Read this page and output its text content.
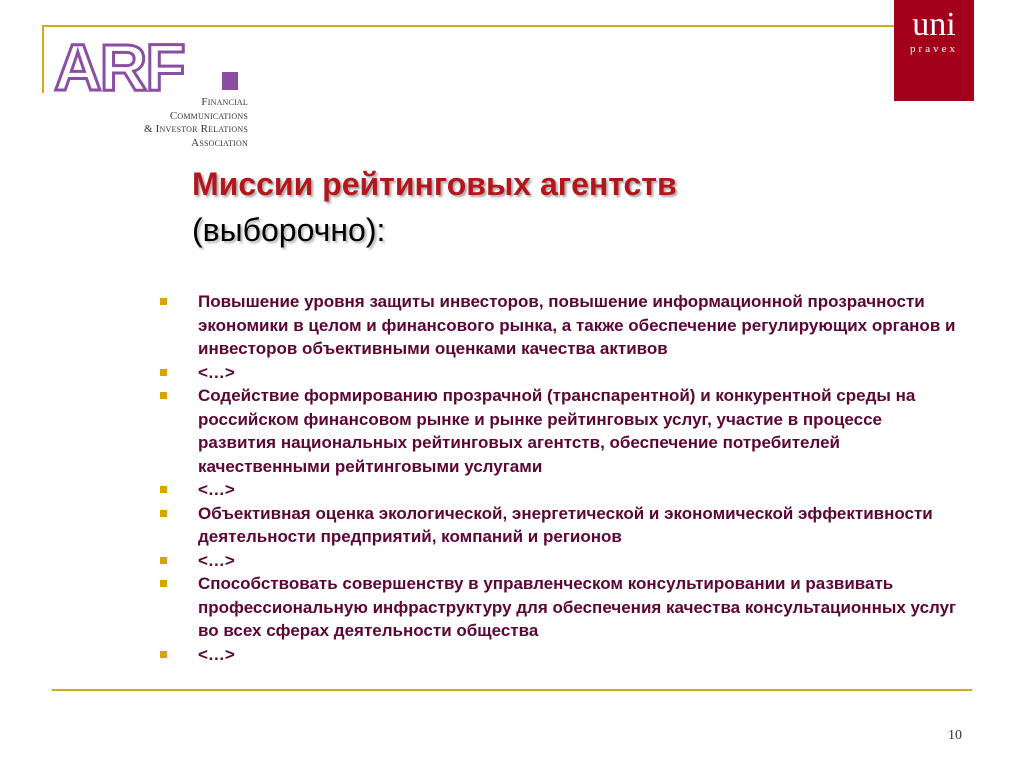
ARF	Financial
Communications
& Investor Relations
Association
uni
pravex
Миссии рейтинговых агентств
(выборочно):
Повышение уровня защиты инвесторов, повышение информационной прозрачности экономики в целом и финансового рынка, а также обеспечение регулирующих органов и инвесторов объективными оценками качества активов
<…>
Содействие формированию прозрачной (транспарентной) и конкурентной среды на российском финансовом рынке и рынке рейтинговых услуг, участие в процессе развития национальных рейтинговых агентств, обеспечение потребителей качественными рейтинговыми услугами
<…>
Объективная оценка экологической, энергетической и экономической эффективности деятельности предприятий, компаний и регионов
<…>
Способствовать совершенству в управленческом консультировании и развивать профессиональную инфраструктуру для обеспечения качества консультационных услуг во всех сферах деятельности общества
<…>
10
